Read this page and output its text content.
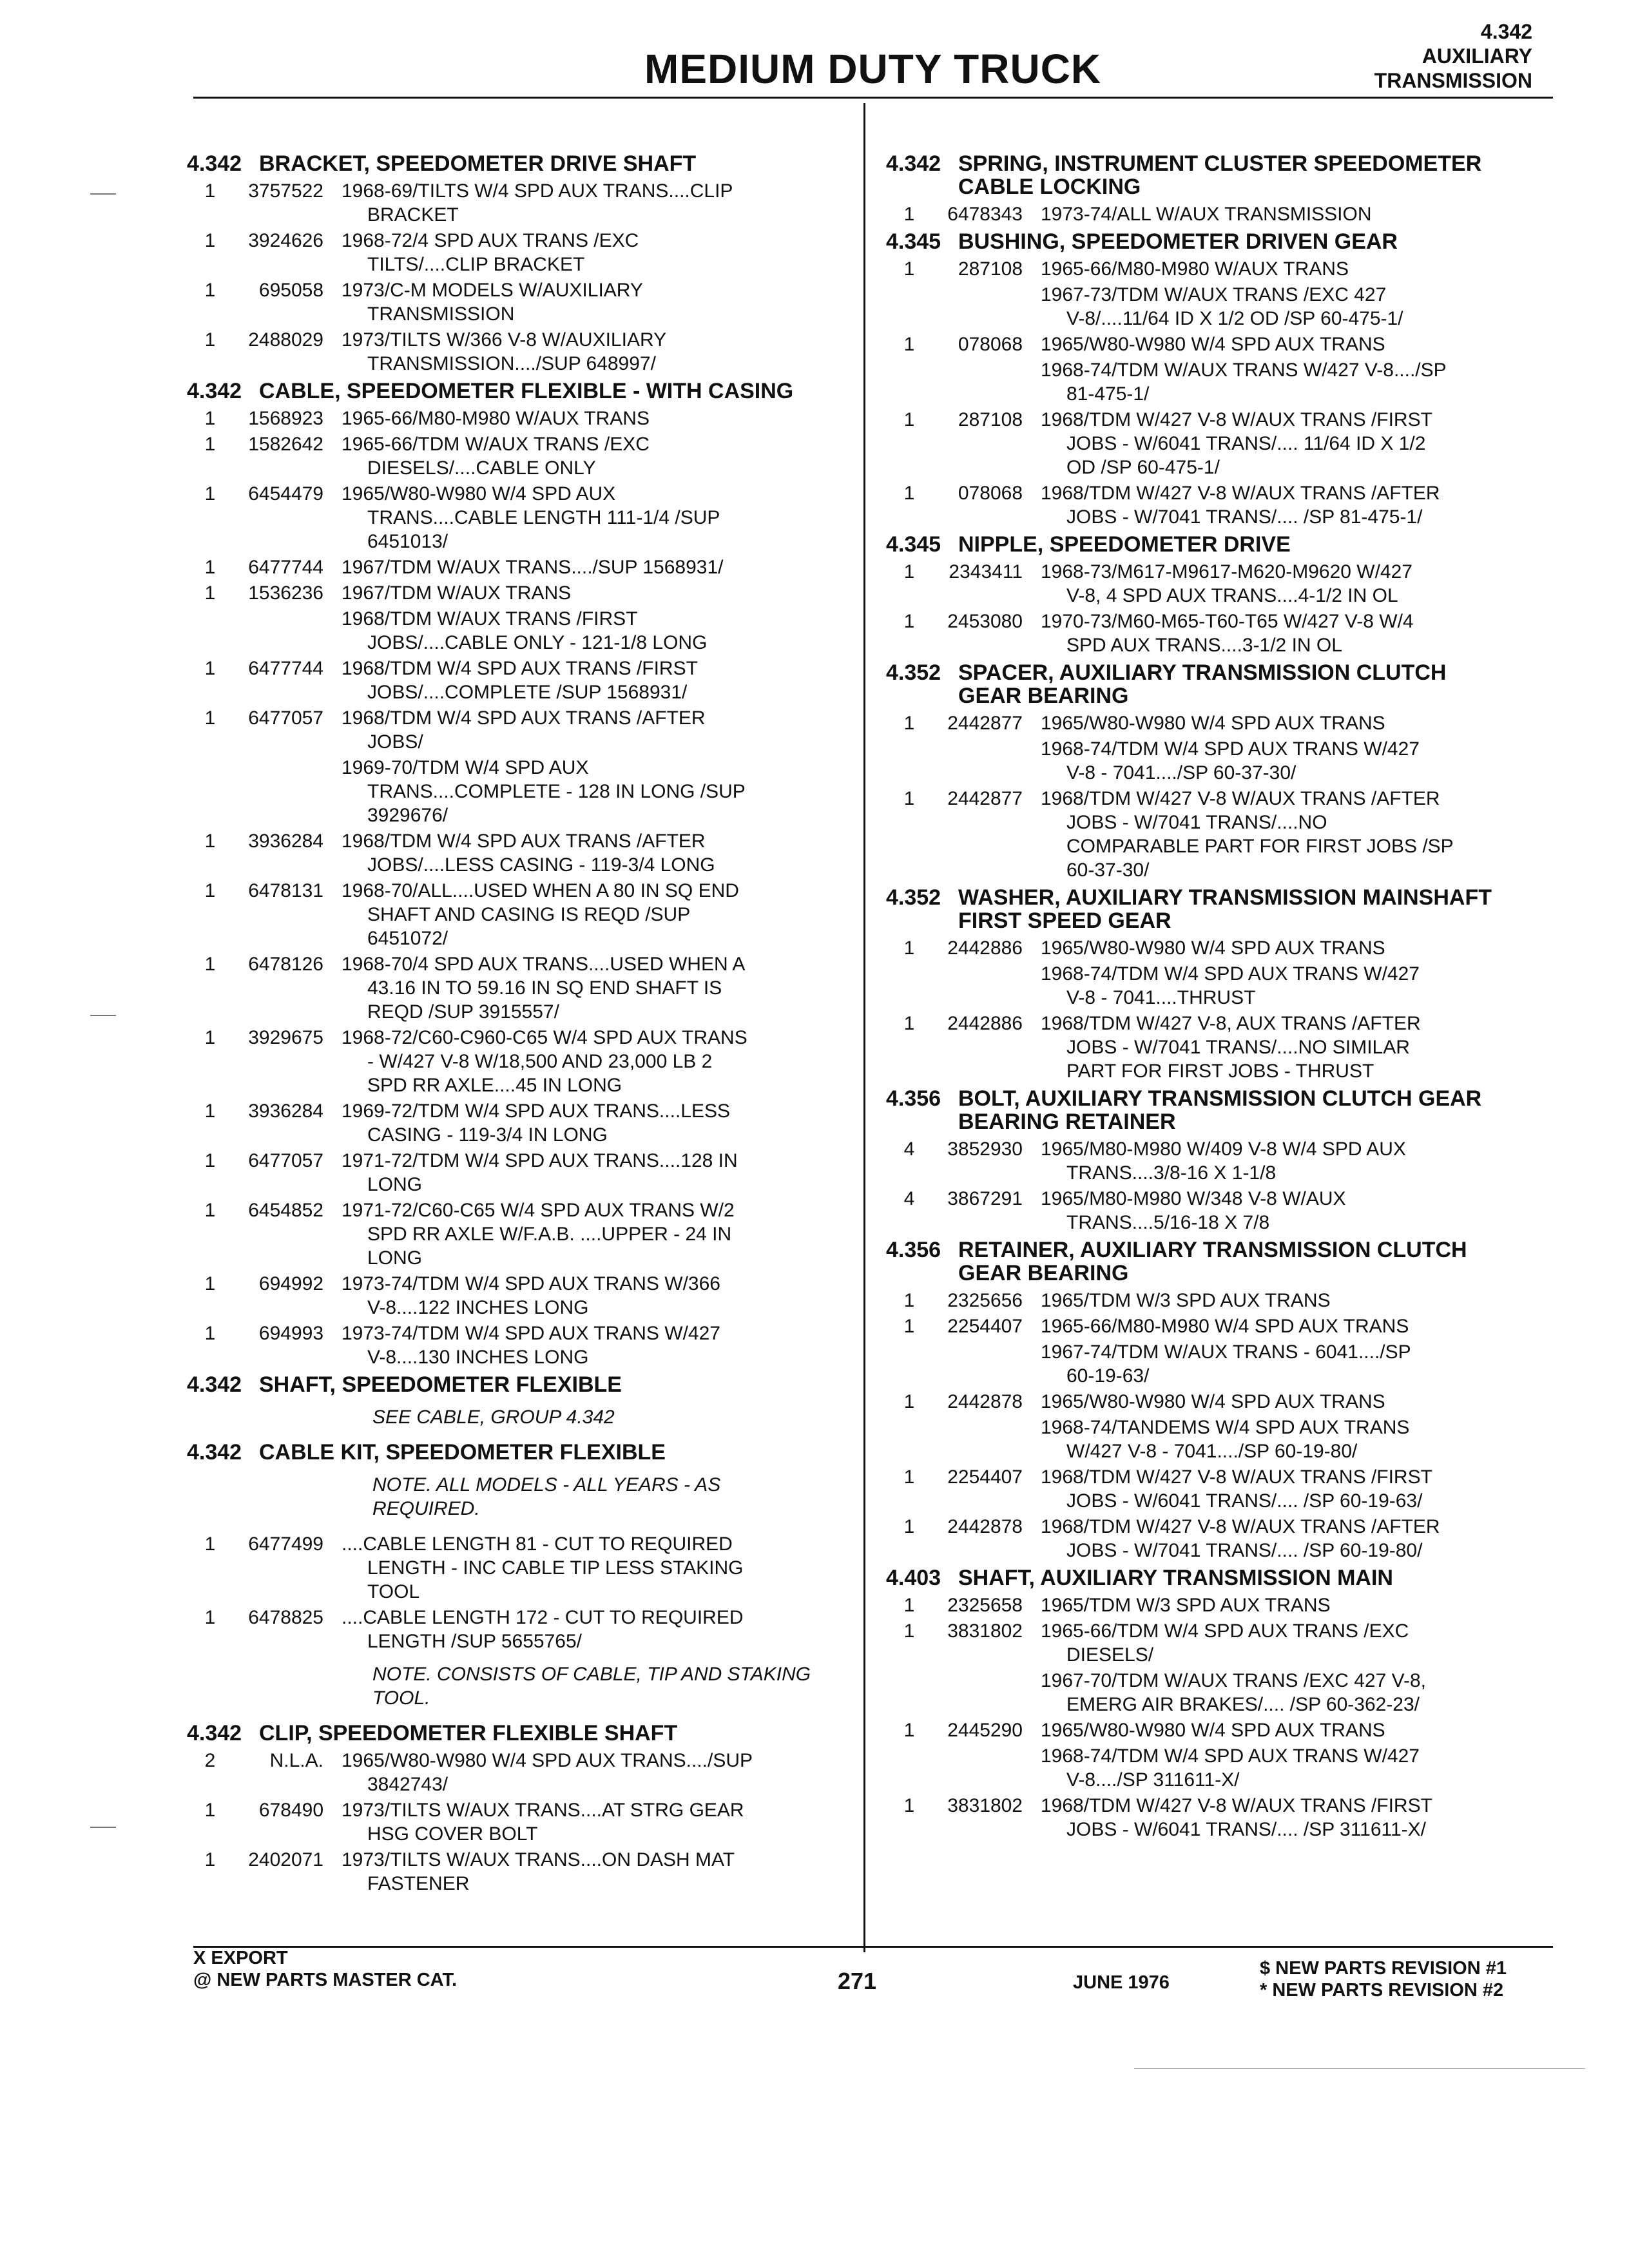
MEDIUM DUTY TRUCK
4.342
AUXILIARY
TRANSMISSION
4.342 BRACKET, SPEEDOMETER DRIVE SHAFT
1	3757522 1968-69/TILTS W/4 SPD AUX TRANS....CLIP
BRACKET
1	3924626 1968-72/4 SPD AUX TRANS /EXC
TILTS/....CLIP BRACKET
1	695058 1973/C-M MODELS W/AUXILIARY
TRANSMISSION
1	2488029 1973/TILTS W/366 V-8 W/AUXILIARY
TRANSMISSION..../SUP 648997/
4.342 CABLE, SPEEDOMETER FLEXIBLE - WITH CASING
1	1568923 1965-66/M80-M980 W/AUX TRANS
1	1582642 1965-66/TDM W/AUX TRANS /EXC
DIESELS/....CABLE ONLY
1	6454479 1965/W80-W980 W/4 SPD AUX
TRANS....CABLE LENGTH 111-1/4 /SUP
6451013/
1	6477744 1967/TDM W/AUX TRANS..../SUP 1568931/
1	1536236 1967/TDM W/AUX TRANS
1968/TDM W/AUX TRANS /FIRST
JOBS/....CABLE ONLY - 121-1/8 LONG
1	6477744 1968/TDM W/4 SPD AUX TRANS /FIRST
JOBS/....COMPLETE /SUP 1568931/
1	6477057 1968/TDM W/4 SPD AUX TRANS /AFTER
JOBS/
1969-70/TDM W/4 SPD AUX
TRANS....COMPLETE - 128 IN LONG /SUP
3929676/
1	3936284 1968/TDM W/4 SPD AUX TRANS /AFTER
JOBS/....LESS CASING - 119-3/4 LONG
1	6478131 1968-70/ALL....USED WHEN A 80 IN SQ END
SHAFT AND CASING IS REQD /SUP
6451072/
1	6478126 1968-70/4 SPD AUX TRANS....USED WHEN A
43.16 IN TO 59.16 IN SQ END SHAFT IS
REQD /SUP 3915557/
1	3929675 1968-72/C60-C960-C65 W/4 SPD AUX TRANS
- W/427 V-8 W/18,500 AND 23,000 LB 2
SPD RR AXLE....45 IN LONG
1	3936284 1969-72/TDM W/4 SPD AUX TRANS....LESS
CASING - 119-3/4 IN LONG
1	6477057 1971-72/TDM W/4 SPD AUX TRANS....128 IN
LONG
1	6454852 1971-72/C60-C65 W/4 SPD AUX TRANS W/2
SPD RR AXLE W/F.A.B. ....UPPER - 24 IN
LONG
1	694992 1973-74/TDM W/4 SPD AUX TRANS W/366
V-8....122 INCHES LONG
1	694993 1973-74/TDM W/4 SPD AUX TRANS W/427
V-8....130 INCHES LONG
4.342 SHAFT, SPEEDOMETER FLEXIBLE
SEE CABLE, GROUP 4.342
4.342 CABLE KIT, SPEEDOMETER FLEXIBLE
NOTE. ALL MODELS - ALL YEARS - AS
REQUIRED.
1	6477499 ....CABLE LENGTH 81 - CUT TO REQUIRED
LENGTH - INC CABLE TIP LESS STAKING
TOOL
1	6478825 ....CABLE LENGTH 172 - CUT TO REQUIRED
LENGTH /SUP 5655765/
NOTE. CONSISTS OF CABLE, TIP AND STAKING
TOOL.
4.342 CLIP, SPEEDOMETER FLEXIBLE SHAFT
2	N.L.A. 1965/W80-W980 W/4 SPD AUX TRANS..../SUP
3842743/
1	678490 1973/TILTS W/AUX TRANS....AT STRG GEAR
HSG COVER BOLT
1	2402071 1973/TILTS W/AUX TRANS....ON DASH MAT
FASTENER
4.342 SPRING, INSTRUMENT CLUSTER SPEEDOMETER
CABLE LOCKING
1	6478343 1973-74/ALL W/AUX TRANSMISSION
4.345 BUSHING, SPEEDOMETER DRIVEN GEAR
1	287108 1965-66/M80-M980 W/AUX TRANS
1967-73/TDM W/AUX TRANS /EXC 427
V-8/....11/64 ID X 1/2 OD /SP 60-475-1/
1	078068 1965/W80-W980 W/4 SPD AUX TRANS
1968-74/TDM W/AUX TRANS W/427 V-8..../SP
81-475-1/
1	287108 1968/TDM W/427 V-8 W/AUX TRANS /FIRST
JOBS - W/6041 TRANS/.... 11/64 ID X 1/2
OD /SP 60-475-1/
1	078068 1968/TDM W/427 V-8 W/AUX TRANS /AFTER
JOBS - W/7041 TRANS/.... /SP 81-475-1/
4.345 NIPPLE, SPEEDOMETER DRIVE
1	2343411 1968-73/M617-M9617-M620-M9620 W/427
V-8, 4 SPD AUX TRANS....4-1/2 IN OL
1	2453080 1970-73/M60-M65-T60-T65 W/427 V-8 W/4
SPD AUX TRANS....3-1/2 IN OL
4.352 SPACER, AUXILIARY TRANSMISSION CLUTCH
GEAR BEARING
1	2442877 1965/W80-W980 W/4 SPD AUX TRANS
1968-74/TDM W/4 SPD AUX TRANS W/427
V-8 - 7041..../SP 60-37-30/
1	2442877 1968/TDM W/427 V-8 W/AUX TRANS /AFTER
JOBS - W/7041 TRANS/....NO
COMPARABLE PART FOR FIRST JOBS /SP
60-37-30/
4.352 WASHER, AUXILIARY TRANSMISSION MAINSHAFT
FIRST SPEED GEAR
1	2442886 1965/W80-W980 W/4 SPD AUX TRANS
1968-74/TDM W/4 SPD AUX TRANS W/427
V-8 - 7041....THRUST
1	2442886 1968/TDM W/427 V-8, AUX TRANS /AFTER
JOBS - W/7041 TRANS/....NO SIMILAR
PART FOR FIRST JOBS - THRUST
4.356 BOLT, AUXILIARY TRANSMISSION CLUTCH GEAR
BEARING RETAINER
4	3852930 1965/M80-M980 W/409 V-8 W/4 SPD AUX
TRANS....3/8-16 X 1-1/8
4	3867291 1965/M80-M980 W/348 V-8 W/AUX
TRANS....5/16-18 X 7/8
4.356 RETAINER, AUXILIARY TRANSMISSION CLUTCH
GEAR BEARING
1	2325656 1965/TDM W/3 SPD AUX TRANS
1	2254407 1965-66/M80-M980 W/4 SPD AUX TRANS
1967-74/TDM W/AUX TRANS - 6041..../SP
60-19-63/
1	2442878 1965/W80-W980 W/4 SPD AUX TRANS
1968-74/TANDEMS W/4 SPD AUX TRANS
W/427 V-8 - 7041..../SP 60-19-80/
1	2254407 1968/TDM W/427 V-8 W/AUX TRANS /FIRST
JOBS - W/6041 TRANS/.... /SP 60-19-63/
1	2442878 1968/TDM W/427 V-8 W/AUX TRANS /AFTER
JOBS - W/7041 TRANS/.... /SP 60-19-80/
4.403 SHAFT, AUXILIARY TRANSMISSION MAIN
1	2325658 1965/TDM W/3 SPD AUX TRANS
1	3831802 1965-66/TDM W/4 SPD AUX TRANS /EXC
DIESELS/
1967-70/TDM W/AUX TRANS /EXC 427 V-8,
EMERG AIR BRAKES/.... /SP 60-362-23/
1	2445290 1965/W80-W980 W/4 SPD AUX TRANS
1968-74/TDM W/4 SPD AUX TRANS W/427
V-8..../SP 311611-X/
1	3831802 1968/TDM W/427 V-8 W/AUX TRANS /FIRST
JOBS - W/6041 TRANS/.... /SP 311611-X/
X EXPORT
@ NEW PARTS MASTER CAT.	271	JUNE 1976
$ NEW PARTS REVISION #1
* NEW PARTS REVISION #2
